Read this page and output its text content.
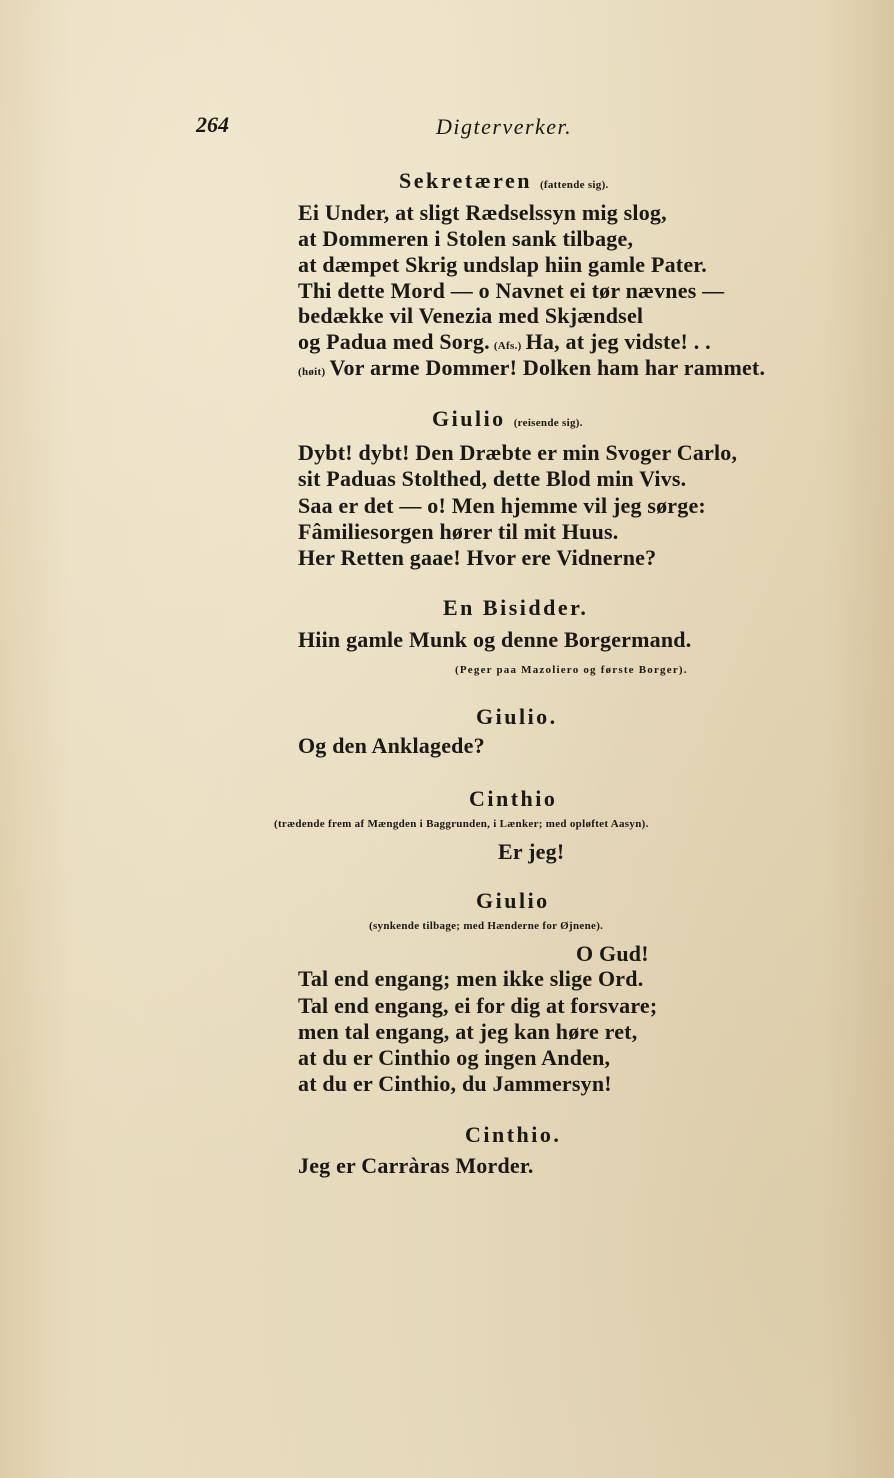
264	Digterverker.
Sekretæren (fattende sig).
Ei Under, at sligt Rædselssyn mig slog,
at Dommeren i Stolen sank tilbage,
at dæmpet Skrig undslap hiin gamle Pater.
Thi dette Mord — o Navnet ei tør nævnes —
bedække vil Venezia med Skjændsel
og Padua med Sorg. (Afs.) Ha, at jeg vidste! . .
(høit) Vor arme Dommer! Dolken ham har rammet.
Giulio (reisende sig).
Dybt! dybt! Den Dræbte er min Svoger Carlo,
sit Paduas Stolthed, dette Blod min Vivs.
Saa er det — o! Men hjemme vil jeg sørge:
Fâmiliesorgen hører til mit Huus.
Her Retten gaae! Hvor ere Vidnerne?
En Bisidder.
Hiin gamle Munk og denne Borgermand.
(Peger paa Mazoliero og første Borger).
Giulio.
Og den Anklagede?
Cinthio
(trædende frem af Mængden i Baggrunden, i Lænker; med opløftet Aasyn).
Er jeg!
Giulio
(synkende tilbage; med Hænderne for Øjnene).
O Gud!
Tal end engang; men ikke slige Ord.
Tal end engang, ei for dig at forsvare;
men tal engang, at jeg kan høre ret,
at du er Cinthio og ingen Anden,
at du er Cinthio, du Jammersyn!
Cinthio.
Jeg er Carràras Morder.
